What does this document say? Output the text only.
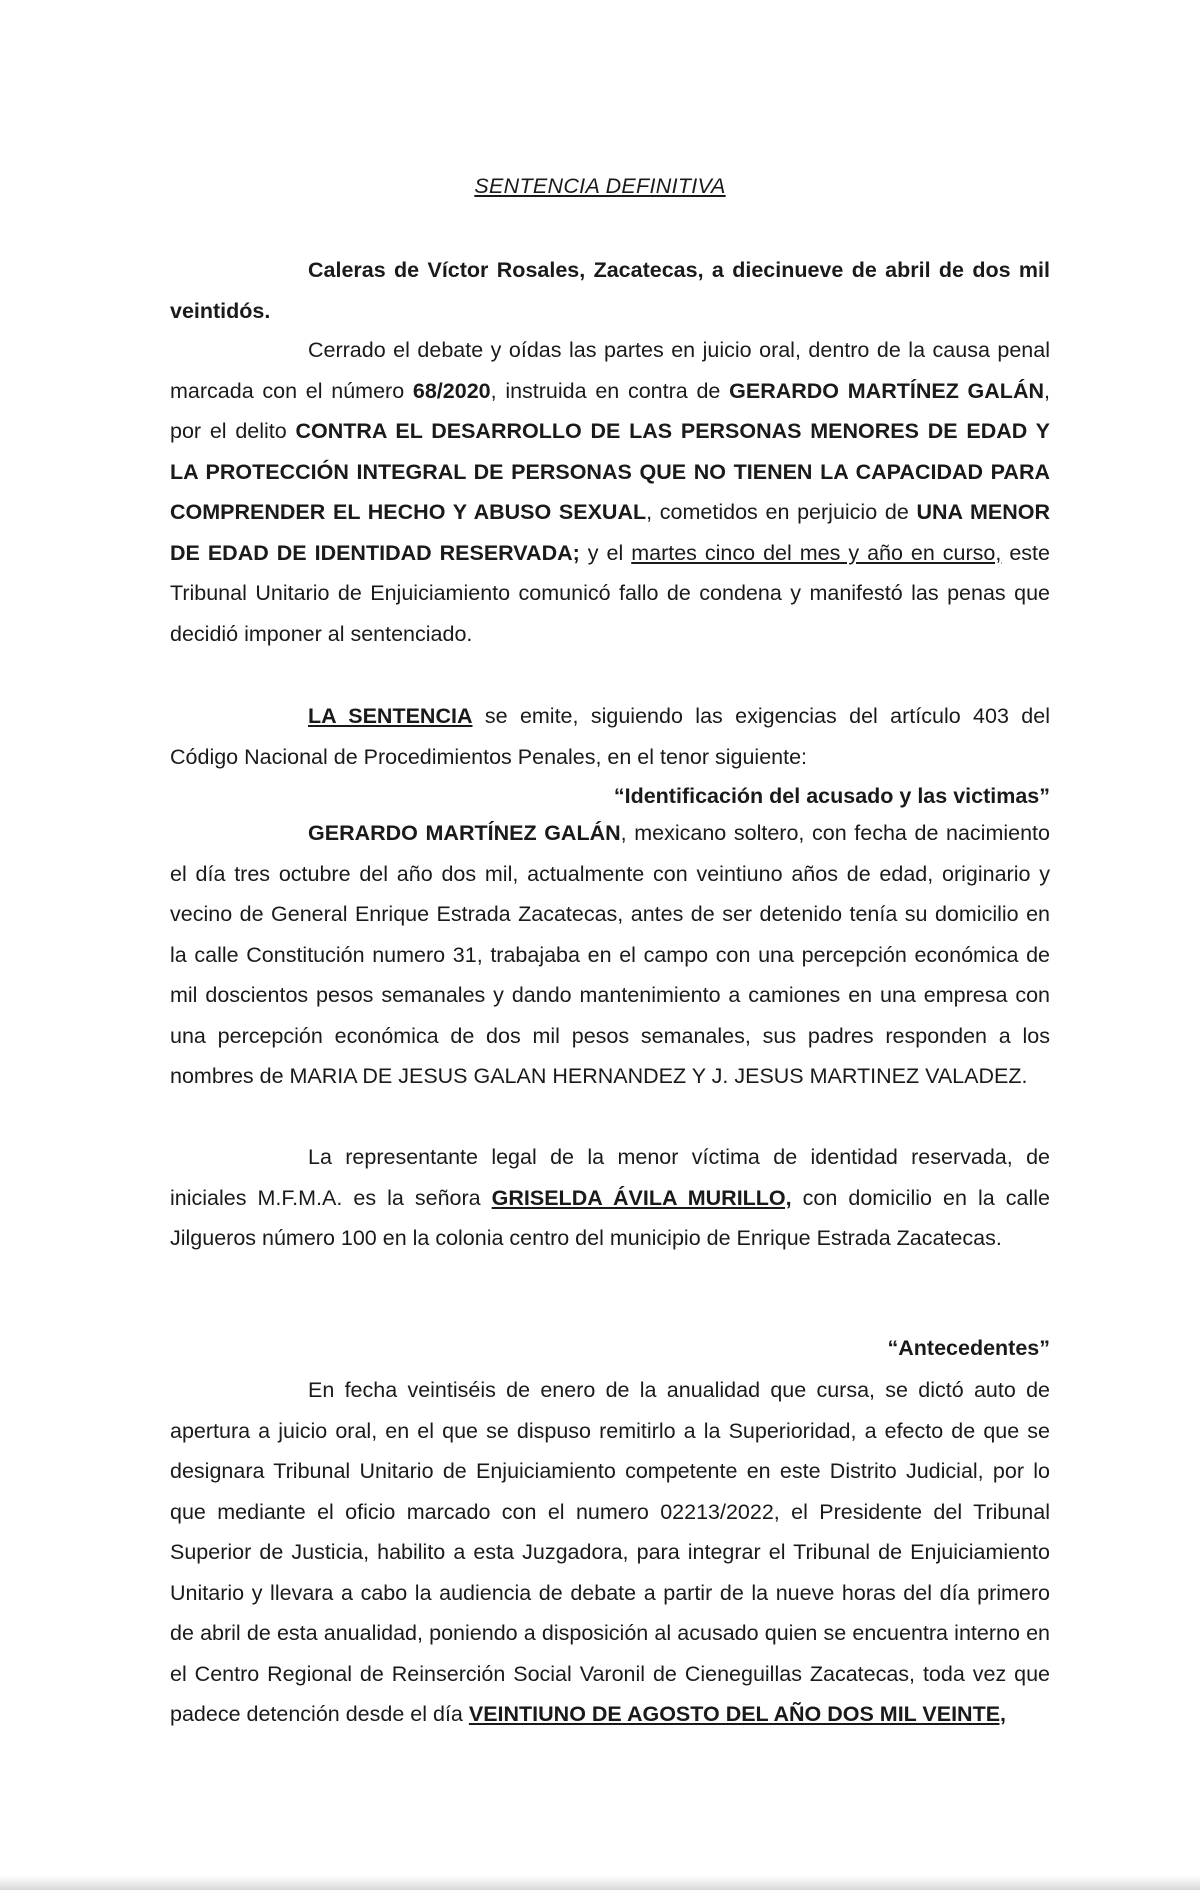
SENTENCIA DEFINITIVA

Caleras de Víctor Rosales, Zacatecas, a diecinueve de abril de dos mil veintidós.

Cerrado el debate y oídas las partes en juicio oral, dentro de la causa penal marcada con el número 68/2020, instruida en contra de GERARDO MARTÍNEZ GALÁN, por el delito CONTRA EL DESARROLLO DE LAS PERSONAS MENORES DE EDAD Y LA PROTECCIÓN INTEGRAL DE PERSONAS QUE NO TIENEN LA CAPACIDAD PARA COMPRENDER EL HECHO Y ABUSO SEXUAL, cometidos en perjuicio de UNA MENOR DE EDAD DE IDENTIDAD RESERVADA; y el martes cinco del mes y año en curso, este Tribunal Unitario de Enjuiciamiento comunicó fallo de condena y manifestó las penas que decidió imponer al sentenciado.

LA SENTENCIA se emite, siguiendo las exigencias del artículo 403 del Código Nacional de Procedimientos Penales, en el tenor siguiente:

“Identificación del acusado y las victimas”

GERARDO MARTÍNEZ GALÁN, mexicano soltero, con fecha de nacimiento el día tres octubre del año dos mil, actualmente con veintiuno años de edad, originario y vecino de General Enrique Estrada Zacatecas, antes de ser detenido tenía su domicilio en la calle Constitución numero 31, trabajaba en el campo con una percepción económica de mil doscientos pesos semanales y dando mantenimiento a camiones en una empresa con una percepción económica de dos mil pesos semanales, sus padres responden a los nombres de MARIA DE JESUS GALAN HERNANDEZ Y J. JESUS MARTINEZ VALADEZ.

La representante legal de la menor víctima de identidad reservada, de iniciales M.F.M.A. es la señora GRISELDA ÁVILA MURILLO, con domicilio en la calle Jilgueros número 100 en la colonia centro del municipio de Enrique Estrada Zacatecas.

“Antecedentes”

En fecha veintiséis de enero de la anualidad que cursa, se dictó auto de apertura a juicio oral, en el que se dispuso remitirlo a la Superioridad, a efecto de que se designara Tribunal Unitario de Enjuiciamiento competente en este Distrito Judicial, por lo que mediante el oficio marcado con el numero 02213/2022, el Presidente del Tribunal Superior de Justicia, habilito a esta Juzgadora, para integrar el Tribunal de Enjuiciamiento Unitario y llevara a cabo la audiencia de debate a partir de la nueve horas del día primero de abril de esta anualidad, poniendo a disposición al acusado quien se encuentra interno en el Centro Regional de Reinserción Social Varonil de Cieneguillas Zacatecas, toda vez que padece detención desde el día VEINTIUNO DE AGOSTO DEL AÑO DOS MIL VEINTE,
